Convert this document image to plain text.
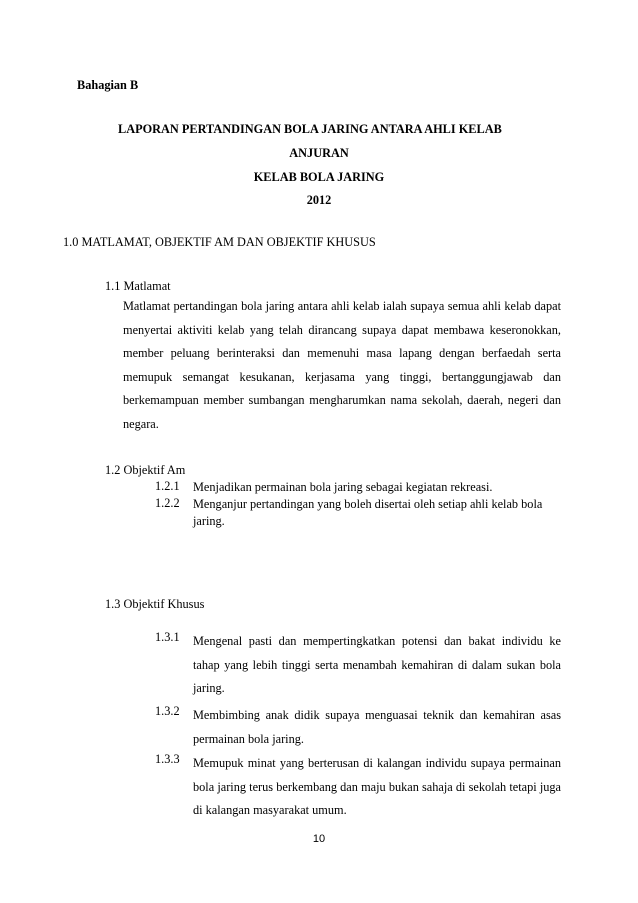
Bahagian B
LAPORAN PERTANDINGAN BOLA JARING ANTARA AHLI KELAB
ANJURAN
KELAB BOLA JARING
2012
1.0 MATLAMAT, OBJEKTIF AM DAN OBJEKTIF KHUSUS
1.1 Matlamat
Matlamat pertandingan bola jaring antara ahli kelab ialah supaya semua ahli kelab dapat menyertai aktiviti kelab yang telah dirancang supaya dapat membawa keseronokkan, member peluang berinteraksi dan memenuhi masa lapang dengan berfaedah serta memupuk semangat kesukanan, kerjasama yang tinggi, bertanggungjawab dan berkemampuan member sumbangan mengharumkan nama sekolah, daerah, negeri dan negara.
1.2 Objektif Am
1.2.1 Menjadikan permainan bola jaring sebagai kegiatan rekreasi.
1.2.2 Menganjur pertandingan yang boleh disertai oleh setiap ahli kelab bola jaring.
1.3 Objektif Khusus
1.3.1 Mengenal pasti dan mempertingkatkan potensi dan bakat individu ke tahap yang lebih tinggi serta menambah kemahiran di dalam sukan bola jaring.
1.3.2 Membimbing anak didik supaya menguasai teknik dan kemahiran asas permainan bola jaring.
1.3.3 Memupuk minat yang berterusan di kalangan individu supaya permainan bola jaring terus berkembang dan maju bukan sahaja di sekolah tetapi juga di kalangan masyarakat umum.
10
